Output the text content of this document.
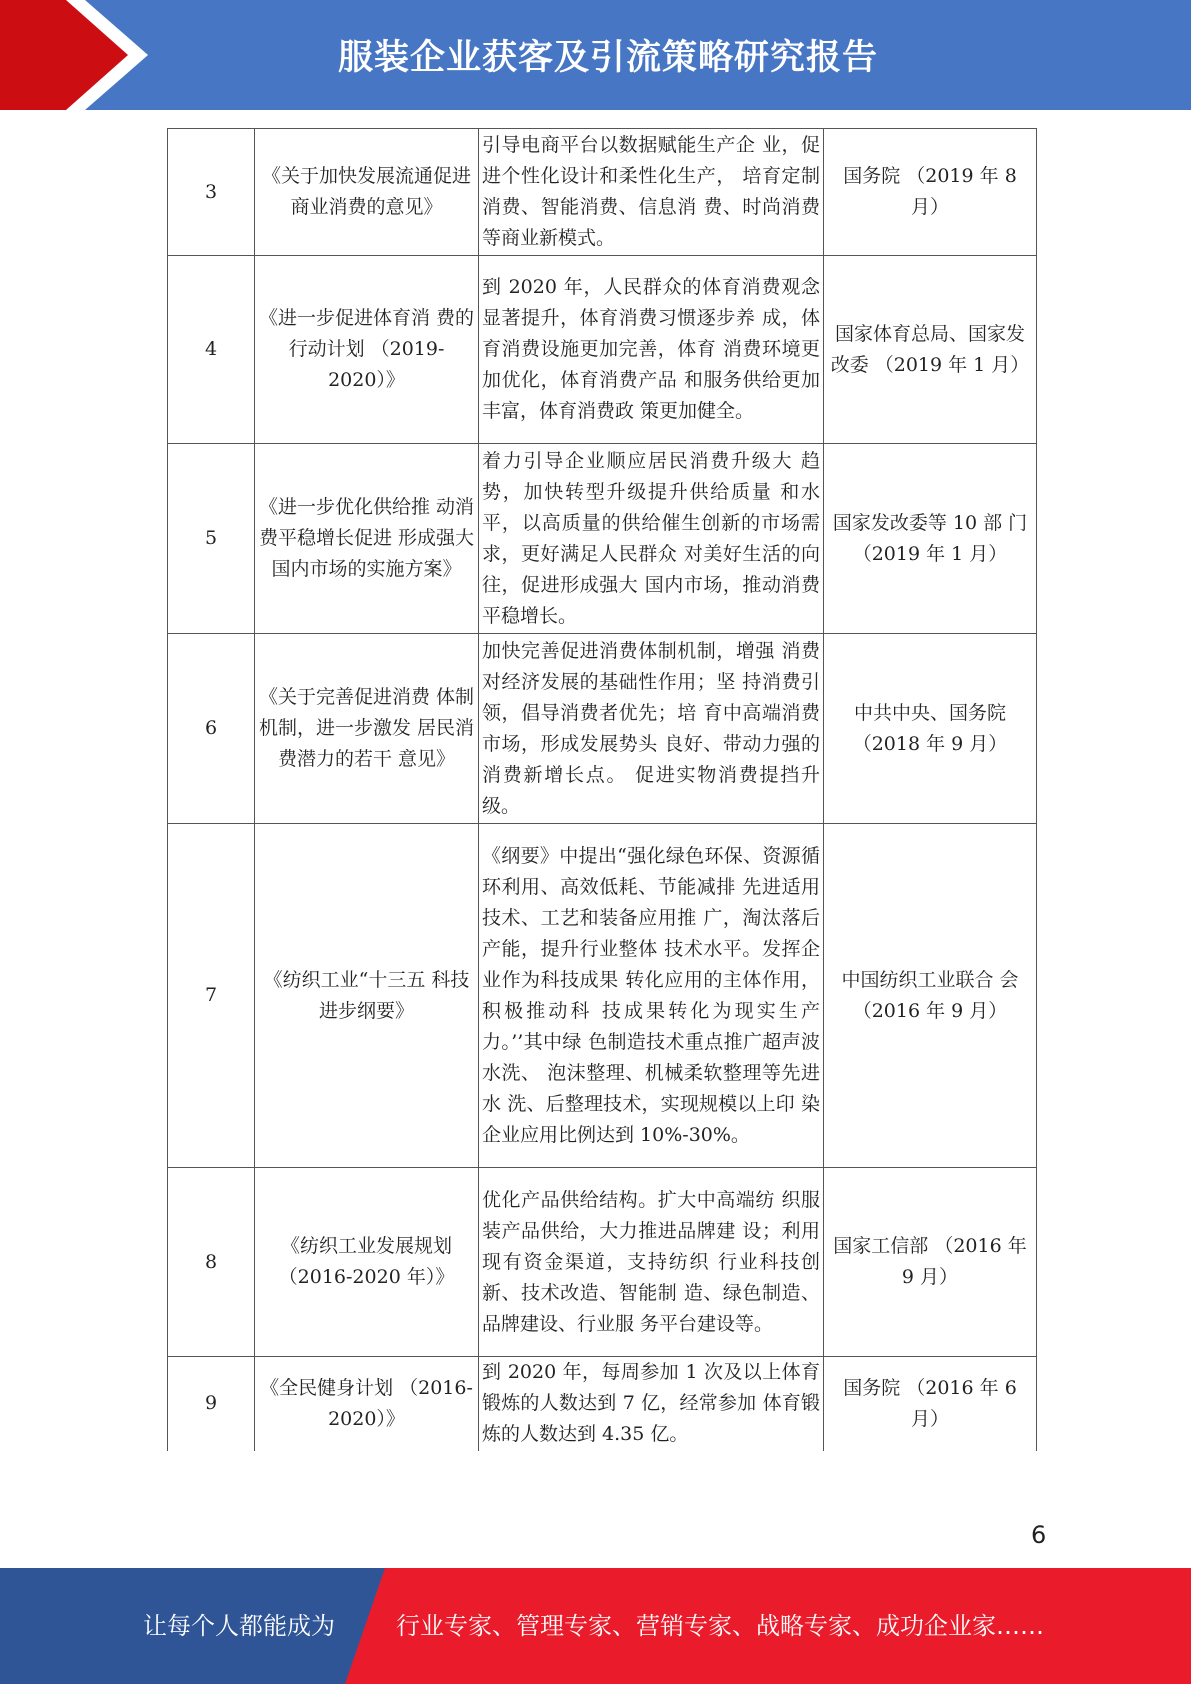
服装企业获客及引流策略研究报告
3	《关于加快发展流通促进商业消费的意见》	引导电商平台以数据赋能生产企 业，促进个性化设计和柔性化生产， 培育定制消费、智能消费、信息消 费、时尚消费等商业新模式。	国务院 （2019 年 8 月）
4	《进一步促进体育消 费的行动计划 （2019-2020）》	到 2020 年，人民群众的体育消费观念显著提升，体育消费习惯逐步养 成，体育消费设施更加完善，体育 消费环境更加优化，体育消费产品 和服务供给更加丰富，体育消费政 策更加健全。	国家体育总局、国家发改委 （2019 年 1 月）
5	《进一步优化供给推 动消费平稳增长促进 形成强大国内市场的实施方案》	着力引导企业顺应居民消费升级大 趋势，加快转型升级提升供给质量 和水平，以高质量的供给催生创新的市场需求，更好满足人民群众 对美好生活的向往，促进形成强大 国内市场，推动消费平稳增长。	国家发改委等 10 部 门 （2019 年 1 月）
6	《关于完善促进消费 体制机制，进一步激发 居民消费潜力的若干 意见》	加快完善促进消费体制机制，增强 消费对经济发展的基础性作用；坚 持消费引领，倡导消费者优先；培 育中高端消费市场，形成发展势头 良好、带动力强的消费新增长点。 促进实物消费提挡升级。	中共中央、国务院 （2018 年 9 月）
7	《纺织工业“十三五 科技进步纲要》	《纲要》中提出“强化绿色环保、资源循环利用、高效低耗、节能减排 先进适用技术、工艺和装备应用推 广，淘汰落后产能，提升行业整体 技术水平。发挥企业作为科技成果 转化应用的主体作用，积极推动科 技成果转化为现实生产力。’’其中绿 色制造技术重点推广超声波水洗、 泡沫整理、机械柔软整理等先进水 洗、后整理技术，实现规模以上印 染企业应用比例达到 10%-30%。	中国纺织工业联合 会 （2016 年 9 月）
8	《纺织工业发展规划 （2016-2020 年）》	优化产品供给结构。扩大中高端纺 织服装产品供给，大力推进品牌建 设；利用现有资金渠道，支持纺织 行业科技创新、技术改造、智能制 造、绿色制造、品牌建设、行业服 务平台建设等。	国家工信部 （2016 年 9 月）
9	《全民健身计划 （2016-2020）》	到 2020 年，每周参加 1 次及以上体育锻炼的人数达到 7 亿，经常参加 体育锻炼的人数达到 4.35 亿。	国务院 （2016 年 6 月）
6
让每个人都能成为	行业专家、管理专家、营销专家、战略专家、成功企业家……
